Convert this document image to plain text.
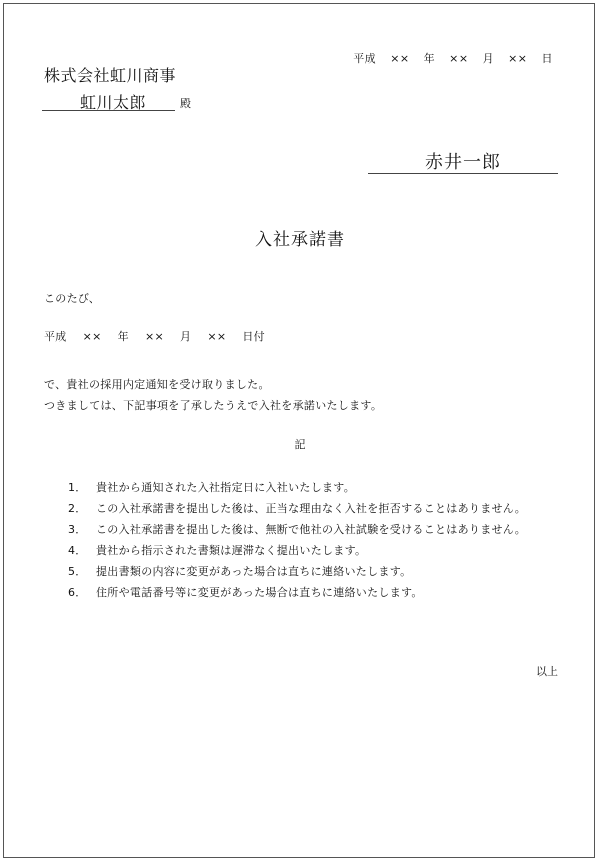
平成 ×× 年 ×× 月 ×× 日
株式会社虹川商事
虹川太郎	殿
赤井一郎
入社承諾書
このたび、
平成 ×× 年 ×× 月 ×× 日付
で、貴社の採用内定通知を受け取りました。
つきましては、下記事項を了承したうえで入社を承諾いたします。
記
1． 貴社から通知された入社指定日に入社いたします。
2． この入社承諾書を提出した後は、正当な理由なく入社を拒否することはありません。
3． この入社承諾書を提出した後は、無断で他社の入社試験を受けることはありません。
4． 貴社から指示された書類は遅滞なく提出いたします。
5． 提出書類の内容に変更があった場合は直ちに連絡いたします。
6． 住所や電話番号等に変更があった場合は直ちに連絡いたします。
以上
